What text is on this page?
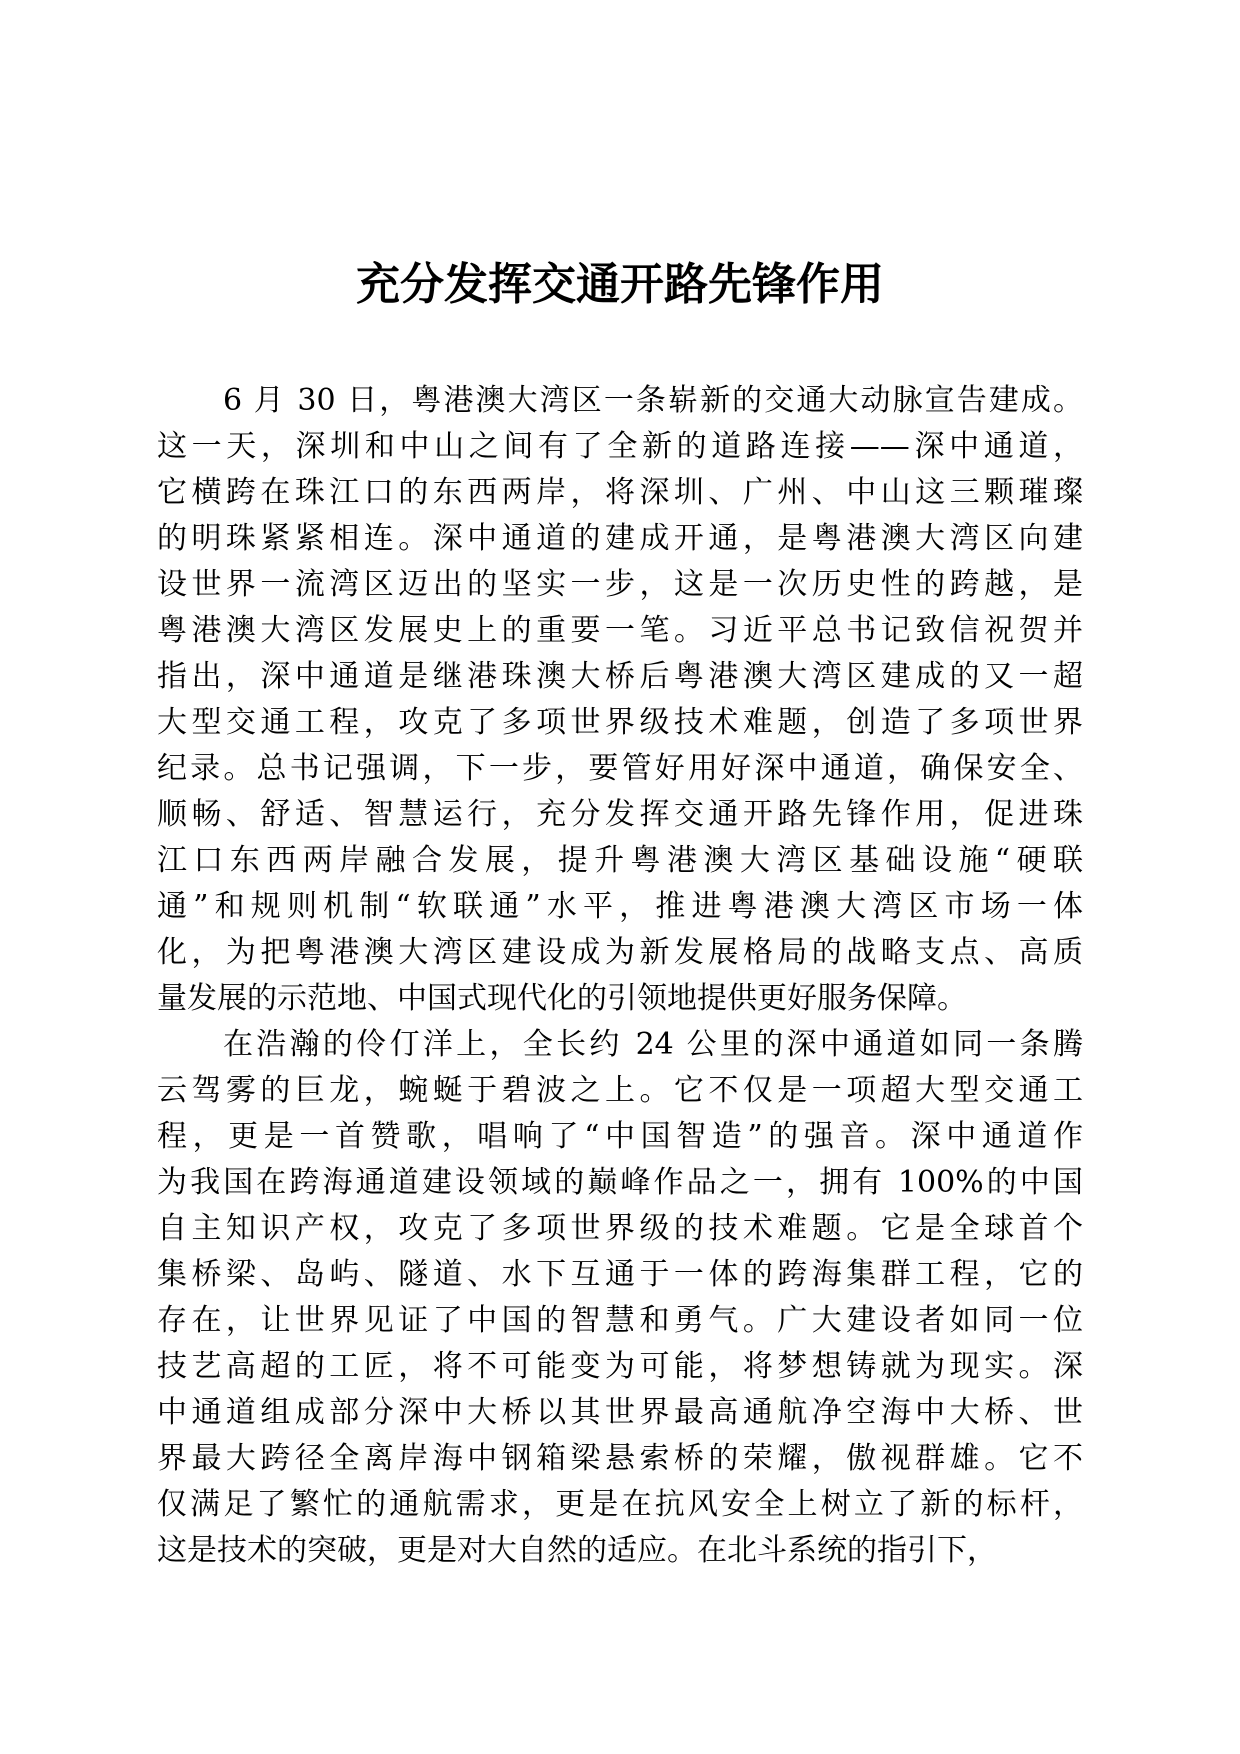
充分发挥交通开路先锋作用
6 月 30 日，粤港澳大湾区一条崭新的交通大动脉宣告建成。
这一天，深圳和中山之间有了全新的道路连接——深中通道，
它横跨在珠江口的东西两岸，将深圳、广州、中山这三颗璀璨
的明珠紧紧相连。深中通道的建成开通，是粤港澳大湾区向建
设世界一流湾区迈出的坚实一步，这是一次历史性的跨越，是
粤港澳大湾区发展史上的重要一笔。习近平总书记致信祝贺并
指出，深中通道是继港珠澳大桥后粤港澳大湾区建成的又一超
大型交通工程，攻克了多项世界级技术难题，创造了多项世界
纪录。总书记强调，下一步，要管好用好深中通道，确保安全、
顺畅、舒适、智慧运行，充分发挥交通开路先锋作用，促进珠
江口东西两岸融合发展，提升粤港澳大湾区基础设施“硬联
通”和规则机制“软联通”水平，推进粤港澳大湾区市场一体
化，为把粤港澳大湾区建设成为新发展格局的战略支点、高质
量发展的示范地、中国式现代化的引领地提供更好服务保障。
在浩瀚的伶仃洋上，全长约 24 公里的深中通道如同一条腾
云驾雾的巨龙，蜿蜒于碧波之上。它不仅是一项超大型交通工
程，更是一首赞歌，唱响了“中国智造”的强音。深中通道作
为我国在跨海通道建设领域的巅峰作品之一，拥有 100%的中国
自主知识产权，攻克了多项世界级的技术难题。它是全球首个
集桥梁、岛屿、隧道、水下互通于一体的跨海集群工程，它的
存在，让世界见证了中国的智慧和勇气。广大建设者如同一位
技艺高超的工匠，将不可能变为可能，将梦想铸就为现实。深
中通道组成部分深中大桥以其世界最高通航净空海中大桥、世
界最大跨径全离岸海中钢箱梁悬索桥的荣耀，傲视群雄。它不
仅满足了繁忙的通航需求，更是在抗风安全上树立了新的标杆，
这是技术的突破，更是对大自然的适应。在北斗系统的指引下，
